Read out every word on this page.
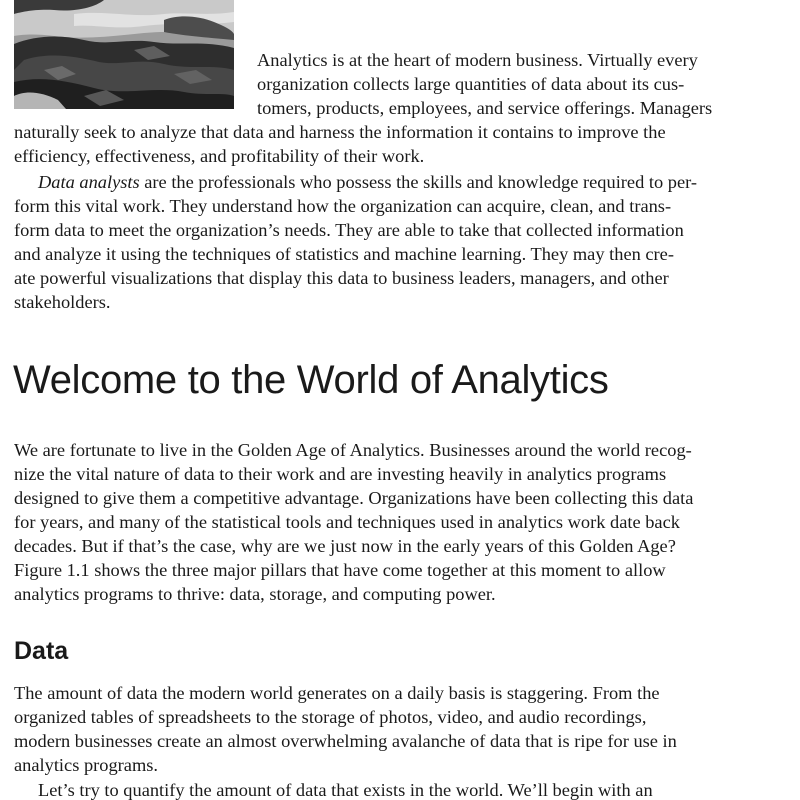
Analytics is at the heart of modern business. Virtually every
organization collects large quantities of data about its cus-
tomers, products, employees, and service offerings. Managers
naturally seek to analyze that data and harness the information it contains to improve the
efficiency, effectiveness, and profitability of their work.
Data analysts are the professionals who possess the skills and knowledge required to per-
form this vital work. They understand how the organization can acquire, clean, and trans-
form data to meet the organization’s needs. They are able to take that collected information
and analyze it using the techniques of statistics and machine learning. They may then cre-
ate powerful visualizations that display this data to business leaders, managers, and other
stakeholders.
Welcome to the World of Analytics
We are fortunate to live in the Golden Age of Analytics. Businesses around the world recog-
nize the vital nature of data to their work and are investing heavily in analytics programs
designed to give them a competitive advantage. Organizations have been collecting this data
for years, and many of the statistical tools and techniques used in analytics work date back
decades. But if that’s the case, why are we just now in the early years of this Golden Age?
Figure 1.1 shows the three major pillars that have come together at this moment to allow
analytics programs to thrive: data, storage, and computing power.
Data
The amount of data the modern world generates on a daily basis is staggering. From the
organized tables of spreadsheets to the storage of photos, video, and audio recordings,
modern businesses create an almost overwhelming avalanche of data that is ripe for use in
analytics programs.
Let’s try to quantify the amount of data that exists in the world. We’ll begin with an
